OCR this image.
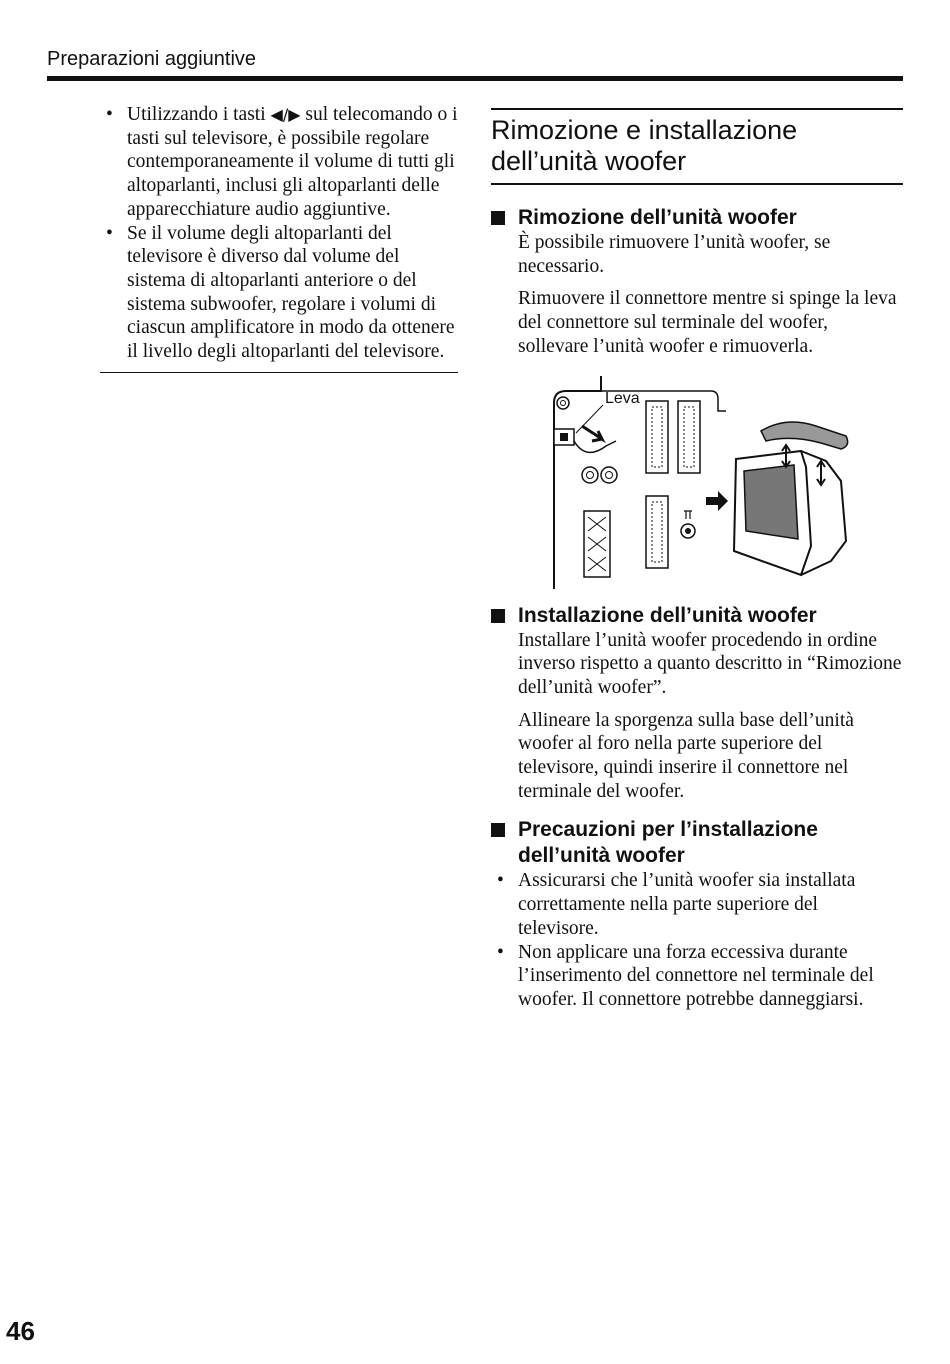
Preparazioni aggiuntive
• Utilizzando i tasti ◀/▶ sul telecomando o i tasti sul televisore, è possibile regolare contemporaneamente il volume di tutti gli altoparlanti, inclusi gli altoparlanti delle apparecchiature audio aggiuntive.
• Se il volume degli altoparlanti del televisore è diverso dal volume del sistema di altoparlanti anteriore o del sistema subwoofer, regolare i volumi di ciascun amplificatore in modo da ottenere il livello degli altoparlanti del televisore.
Rimozione e installazione dell’unità woofer
Rimozione dell’unità woofer

È possibile rimuovere l’unità woofer, se necessario.

Rimuovere il connettore mentre si spinge la leva del connettore sul terminale del woofer, sollevare l’unità woofer e rimuoverla.

Leva
Installazione dell’unità woofer

Installare l’unità woofer procedendo in ordine inverso rispetto a quanto descritto in “Rimozione dell’unità woofer”.

Allineare la sporgenza sulla base dell’unità woofer al foro nella parte superiore del televisore, quindi inserire il connettore nel terminale del woofer.

Precauzioni per l’installazione dell’unità woofer
• Assicurarsi che l’unità woofer sia installata correttamente nella parte superiore del televisore.
• Non applicare una forza eccessiva durante l’inserimento del connettore nel terminale del woofer. Il connettore potrebbe danneggiarsi.
46
